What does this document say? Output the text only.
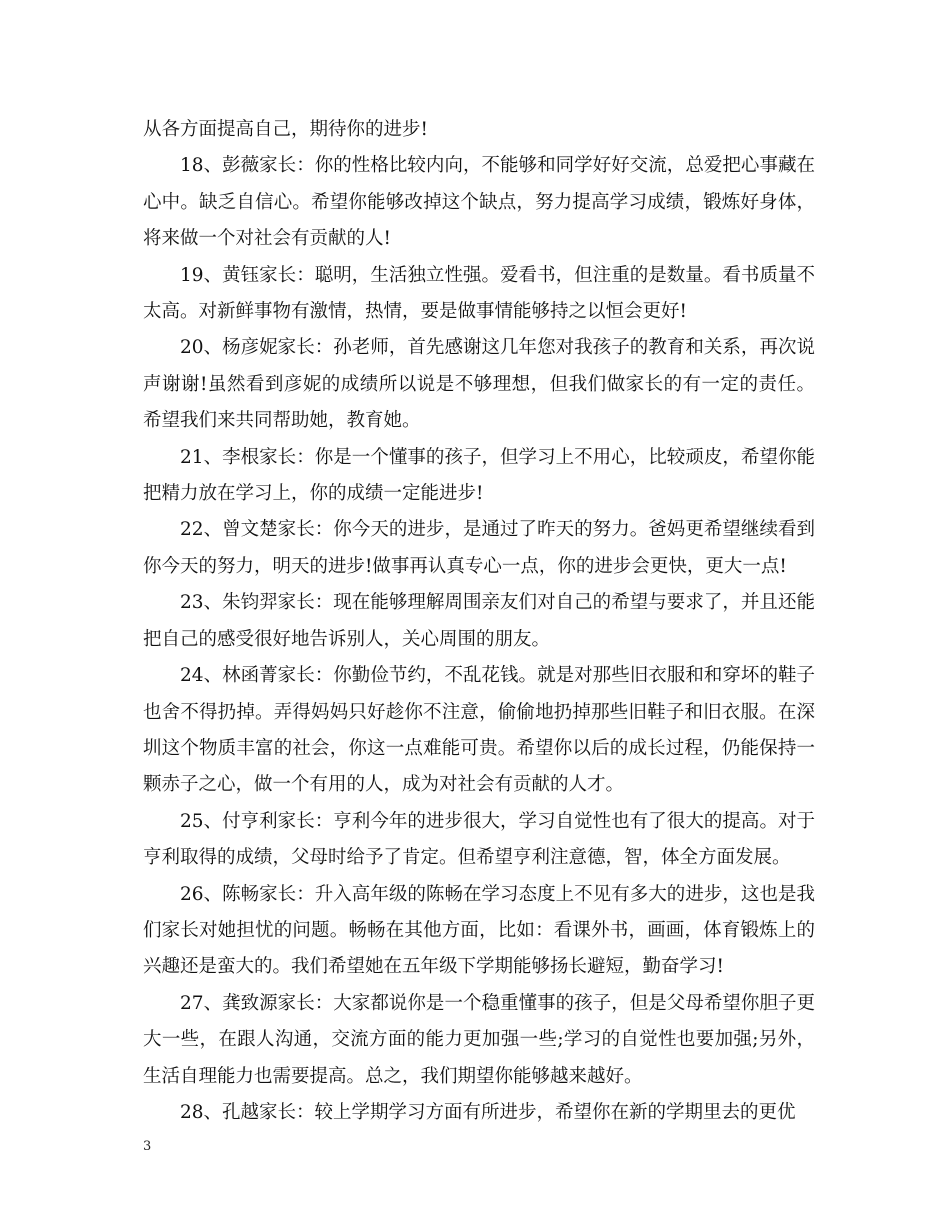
从各方面提高自己，期待你的进步!

18、彭薇家长：你的性格比较内向，不能够和同学好好交流，总爱把心事藏在心中。缺乏自信心。希望你能够改掉这个缺点，努力提高学习成绩，锻炼好身体，将来做一个对社会有贡献的人!

19、黄钰家长：聪明，生活独立性强。爱看书，但注重的是数量。看书质量不太高。对新鲜事物有激情，热情，要是做事情能够持之以恒会更好!

20、杨彦妮家长：孙老师，首先感谢这几年您对我孩子的教育和关系，再次说声谢谢!虽然看到彦妮的成绩所以说是不够理想，但我们做家长的有一定的责任。希望我们来共同帮助她，教育她。

21、李根家长：你是一个懂事的孩子，但学习上不用心，比较顽皮，希望你能把精力放在学习上，你的成绩一定能进步!

22、曾文楚家长：你今天的进步，是通过了昨天的努力。爸妈更希望继续看到你今天的努力，明天的进步!做事再认真专心一点，你的进步会更快，更大一点!

23、朱钧羿家长：现在能够理解周围亲友们对自己的希望与要求了，并且还能把自己的感受很好地告诉别人，关心周围的朋友。

24、林函菁家长：你勤俭节约，不乱花钱。就是对那些旧衣服和和穿坏的鞋子也舍不得扔掉。弄得妈妈只好趁你不注意，偷偷地扔掉那些旧鞋子和旧衣服。在深圳这个物质丰富的社会，你这一点难能可贵。希望你以后的成长过程，仍能保持一颗赤子之心，做一个有用的人，成为对社会有贡献的人才。

25、付亨利家长：亨利今年的进步很大，学习自觉性也有了很大的提高。对于亨利取得的成绩，父母时给予了肯定。但希望亨利注意德，智，体全方面发展。

26、陈畅家长：升入高年级的陈畅在学习态度上不见有多大的进步，这也是我们家长对她担忧的问题。畅畅在其他方面，比如：看课外书，画画，体育锻炼上的兴趣还是蛮大的。我们希望她在五年级下学期能够扬长避短，勤奋学习!

27、龚致源家长：大家都说你是一个稳重懂事的孩子，但是父母希望你胆子更大一些，在跟人沟通，交流方面的能力更加强一些;学习的自觉性也要加强;另外，生活自理能力也需要提高。总之，我们期望你能够越来越好。

28、孔越家长：较上学期学习方面有所进步，希望你在新的学期里去的更优

3
